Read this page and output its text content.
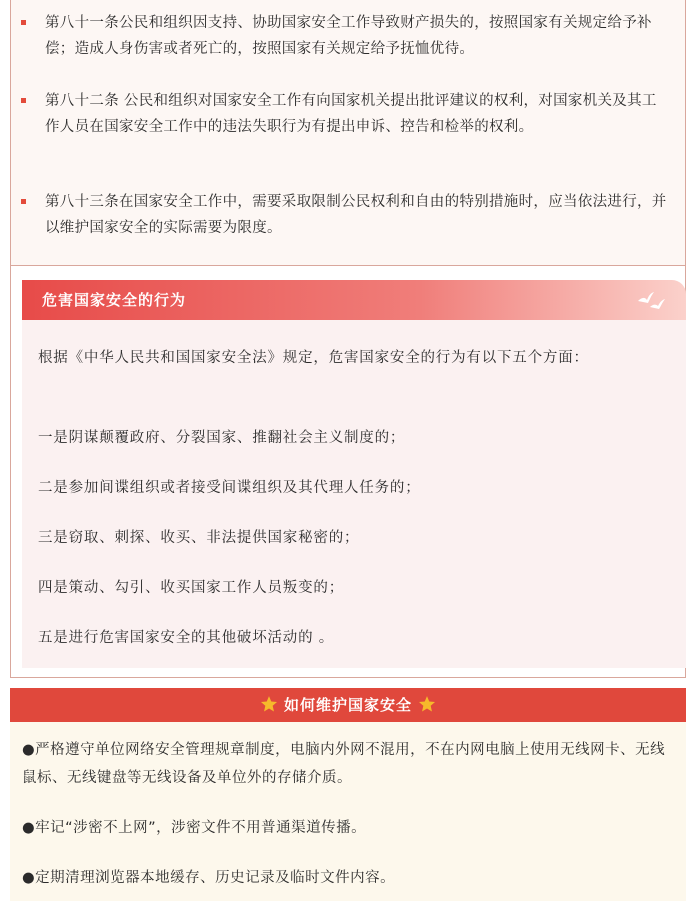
第八十一条公民和组织因支持、协助国家安全工作导致财产损失的，按照国家有关规定给予补偿；造成人身伤害或者死亡的，按照国家有关规定给予抚恤优待。
第八十二条 公民和组织对国家安全工作有向国家机关提出批评建议的权利，对国家机关及其工作人员在国家安全工作中的违法失职行为有提出申诉、控告和检举的权利。
第八十三条在国家安全工作中，需要采取限制公民权利和自由的特别措施时，应当依法进行，并以维护国家安全的实际需要为限度。
危害国家安全的行为
根据《中华人民共和国国家安全法》规定，危害国家安全的行为有以下五个方面：
一是阴谋颠覆政府、分裂国家、推翻社会主义制度的；
二是参加间谍组织或者接受间谍组织及其代理人任务的；
三是窃取、刺探、收买、非法提供国家秘密的；
四是策动、勾引、收买国家工作人员叛变的；
五是进行危害国家安全的其他破坏活动的 。
如何维护国家安全
●严格遵守单位网络安全管理规章制度，电脑内外网不混用，不在内网电脑上使用无线网卡、无线鼠标、无线键盘等无线设备及单位外的存储介质。
●牢记“涉密不上网”，涉密文件不用普通渠道传播。
●定期清理浏览器本地缓存、历史记录及临时文件内容。
